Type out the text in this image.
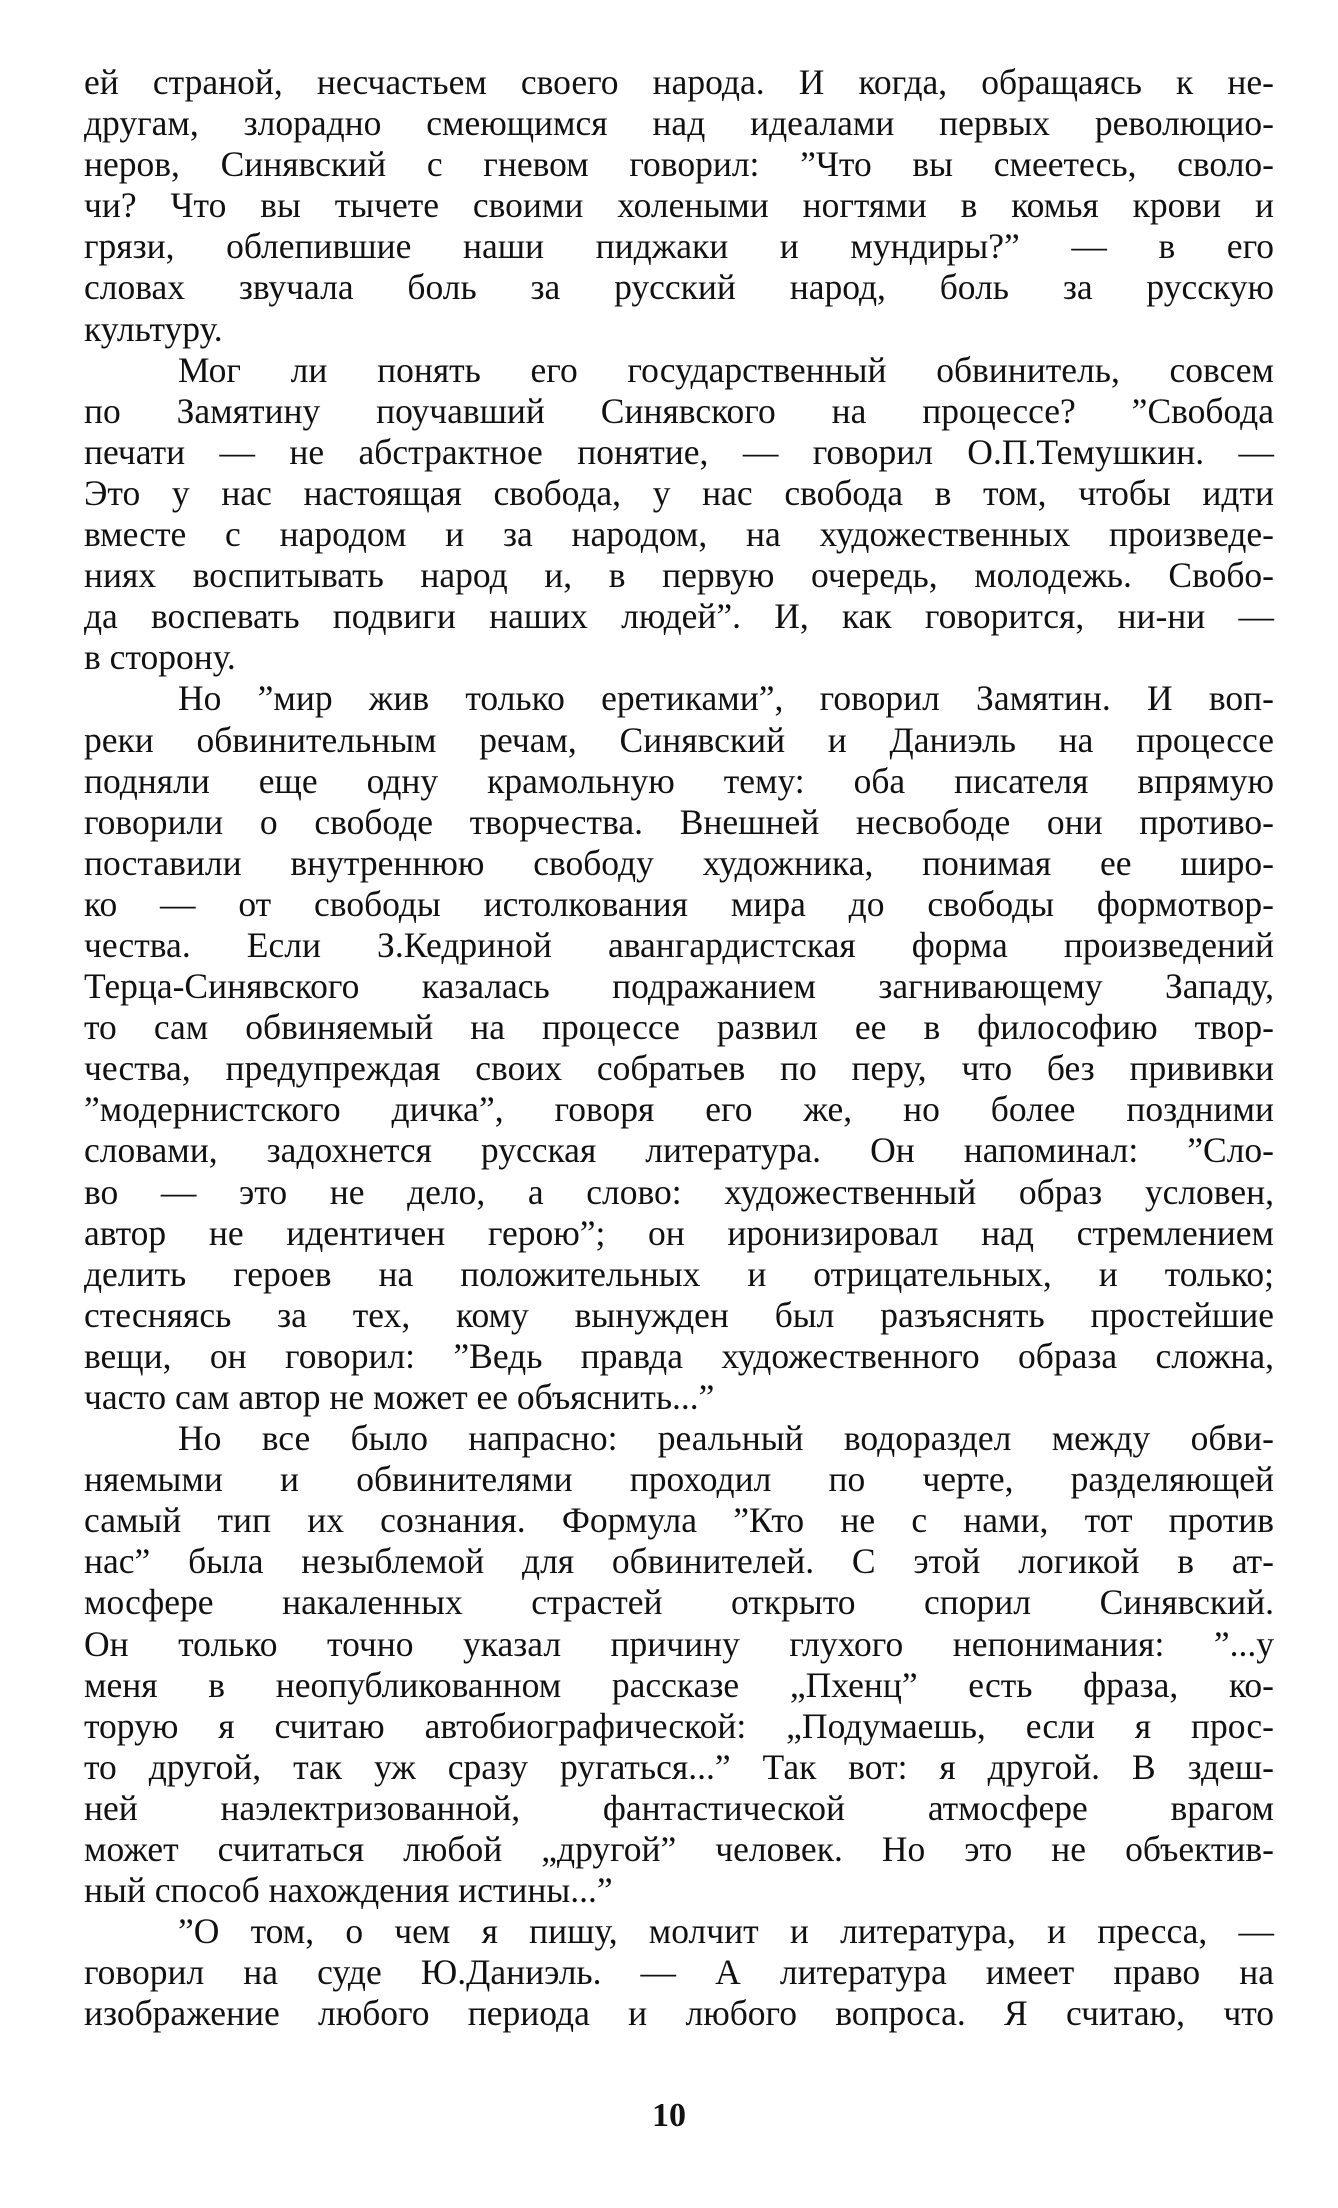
ей страной, несчастьем своего народа. И когда, обращаясь к не-
другам, злорадно смеющимся над идеалами первых революцио-
неров, Синявский с гневом говорил: ”Что вы смеетесь, сволo-
чи? Что вы тычете своими холеными ногтями в комья крови и
грязи, облепившие наши пиджаки и мундиры?” — в его
словах звучала боль за русский народ, боль за русскую
культуру.
Мог ли понять его государственный обвинитель, совсем
по Замятину поучавший Синявского на процессе? ”Свобода
печати — не абстрактное понятие, — говорил О.П.Темушкин. —
Это у нас настоящая свобода, у нас свобода в том, чтобы идти
вместе с народом и за народом, на художественных произведе-
ниях воспитывать народ и, в первую очередь, молодежь. Свобо-
да воспевать подвиги наших людей”. И, как говорится, ни-ни —
в сторону.
Но ”мир жив только еретиками”, говорил Замятин. И воп-
реки обвинительным речам, Синявский и Даниэль на процессе
подняли еще одну крамольную тему: оба писателя впрямую
говорили о свободе творчества. Внешней несвободе они противо-
поставили внутреннюю свободу художника, понимая ее широ-
ко — от свободы истолкования мира до свободы формотвор-
чества. Если З.Кедриной авангардистская форма произведений
Терца-Синявского казалась подражанием загнивающему Западу,
то сам обвиняемый на процессе развил ее в философию твор-
чества, предупреждая своих собратьев по перу, что без прививки
”модернистского дичка”, говоря его же, но более поздними
словами, задохнется русская литература. Он напоминал: ”Сло-
во — это не дело, а слово: художественный образ условен,
автор не идентичен герою”; он иронизировал над стремлением
делить героев на положительных и отрицательных, и только;
стесняясь за тех, кому вынужден был разъяснять простейшие
вещи, он говорил: ”Ведь правда художественного образа сложна,
часто сам автор не может ее объяснить...”
Но все было напрасно: реальный водораздел между обви-
няемыми и обвинителями проходил по черте, разделяющей
самый тип их сознания. Формула ”Кто не с нами, тот против
нас” была незыблемой для обвинителей. С этой логикой в ат-
мосфере накаленных страстей открыто спорил Синявский.
Он только точно указал причину глухого непонимания: ”...у
меня в неопубликованном рассказе „Пхенц” есть фраза, ко-
торую я считаю автобиографической: „Подумаешь, если я прос-
то другой, так уж сразу ругаться...” Так вот: я другой. В здеш-
ней наэлектризованной, фантастической атмосфере врагом
может считаться любой „другой” человек. Но это не объектив-
ный способ нахождения истины...”
”О том, о чем я пишу, молчит и литература, и пресса, —
говорил на суде Ю.Даниэль. — А литература имеет право на
изображение любого периода и любого вопроса. Я считаю, что
10
